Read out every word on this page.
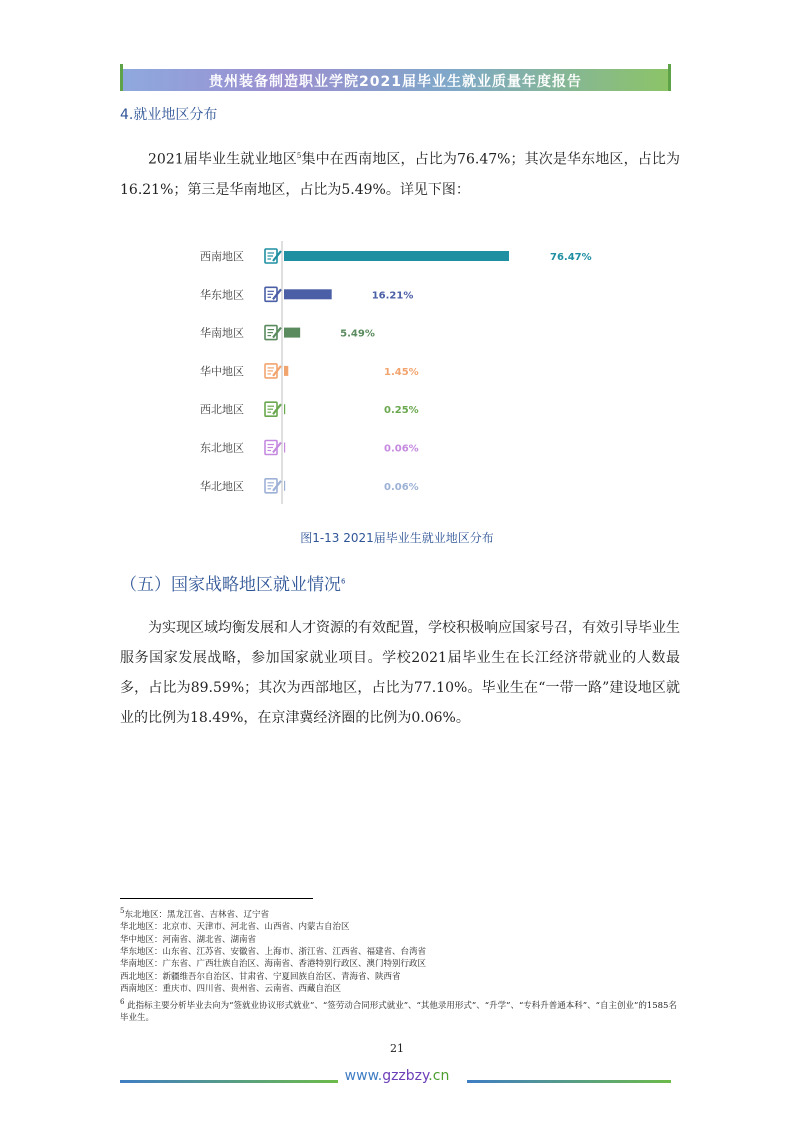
贵州装备制造职业学院2021届毕业生就业质量年度报告
4.就业地区分布
2021届毕业生就业地区$^5$集中在西南地区，占比为76.47%；其次是华东地区，占比为16.21%；第三是华南地区，占比为5.49%。详见下图：
西南地区	76.47%
华东地区	16.21%
华南地区	5.49%
华中地区	1.45%
西北地区	0.25%
东北地区	0.06%
华北地区	0.06%
图1-13 2021届毕业生就业地区分布
（五）国家战略地区就业情况$^6$
为实现区域均衡发展和人才资源的有效配置，学校积极响应国家号召，有效引导毕业生服务国家发展战略，参加国家就业项目。学校2021届毕业生在长江经济带就业的人数最多，占比为89.59%；其次为西部地区，占比为77.10%。毕业生在“一带一路”建设地区就业的比例为18.49%，在京津冀经济圈的比例为0.06%。
$^5$东北地区：黑龙江省、吉林省、辽宁省
华北地区：北京市、天津市、河北省、山西省、内蒙古自治区
华中地区：河南省、湖北省、湖南省
华东地区：山东省、江苏省、安徽省、上海市、浙江省、江西省、福建省、台湾省
华南地区：广东省、广西壮族自治区、海南省、香港特别行政区、澳门特别行政区
西北地区：新疆维吾尔自治区、甘肃省、宁夏回族自治区、青海省、陕西省
西南地区：重庆市、四川省、贵州省、云南省、西藏自治区
$^6$ 此指标主要分析毕业去向为“签就业协议形式就业”、“签劳动合同形式就业”、“其他录用形式”、“升学”、“专科升普通本科”、“自主创业”的1585名毕业生。
21
www.gzzbzy.cn
